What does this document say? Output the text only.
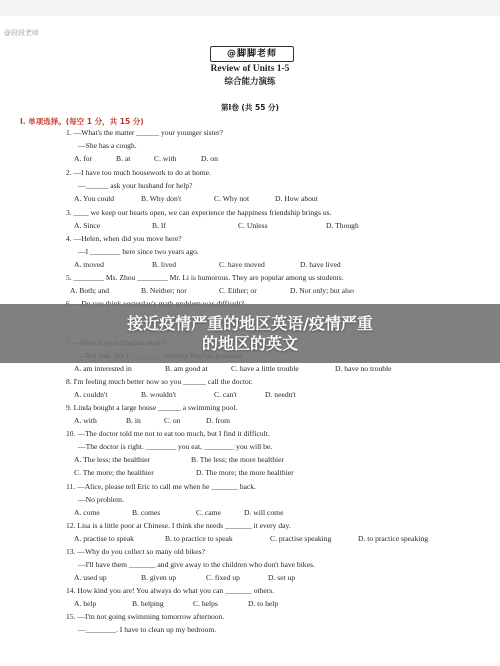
@段段老师
@脚脚老师
Review of Units 1-5
综合能力演练
第Ⅰ卷 (共 55 分)
I. 单项选择。(每空 1 分，共 15 分)
1. —What's the matter ______ your younger sister?
—She has a cough.
2. —I have too much housework to do at home.
—______ ask your husband for help?
3. ____ we keep our hearts open, we can experience the happiness friendship brings us.
4. —Helen, when did you move here?
—I ________ here since two years ago.
5. ________ Ms. Zhou ________ Mr. Li is humorous. They are popular among us students.
8. I'm feeling much better now so you ______ call the doctor.
9. Linda bought a large house ______ a swimming pool.
10. —The doctor told me not to eat too much, but I find it difficult.
—The doctor is right. ________ you eat, ________ you will be.
11. —Alice, please tell Eric to call me when he _______ back.
—No problem.
12. Lisa is a little poor at Chinese. I think she needs _______ it every day.
13. —Why do you collect so many old bikes?
—I'll have them _______ and give away to the children who don't have bikes.
14. How kind you are! You always do what you can _______ others.
15. —I'm not going swimming tomorrow afternoon.
—________. I have to clean up my bedroom.
A. for	B. at	C. with	D. on
A. You could	B. Why don't	C. Why not	D. How about
A. Since	B. If	C. Unless	D. Though
A. moved	B. lived	C. have moved	D. have lived
A. Both; and	B. Neither; nor	C. Either; or	D. Not only; but also
A. am interested in	B. am good at	C. have a little trouble	D. have no trouble
A. couldn't	B. wouldn't	C. can't	D. needn't
A. with	B. in	C. on	D. from
A. The less; the healthier	B. The less; the more healthier
C. The more; the healthier	D. The more; the more healthier
A. come	B. comes	C. came	D. will come
A. practise to speak	B. to practice to speak	C. practise speaking	D. to practice speaking
A. used up	B. given up	C. fixed up	D. set up
A. help	B. helping	C. helps	D. to help
接近疫情严重的地区英语/疫情严重
的地区的英文
